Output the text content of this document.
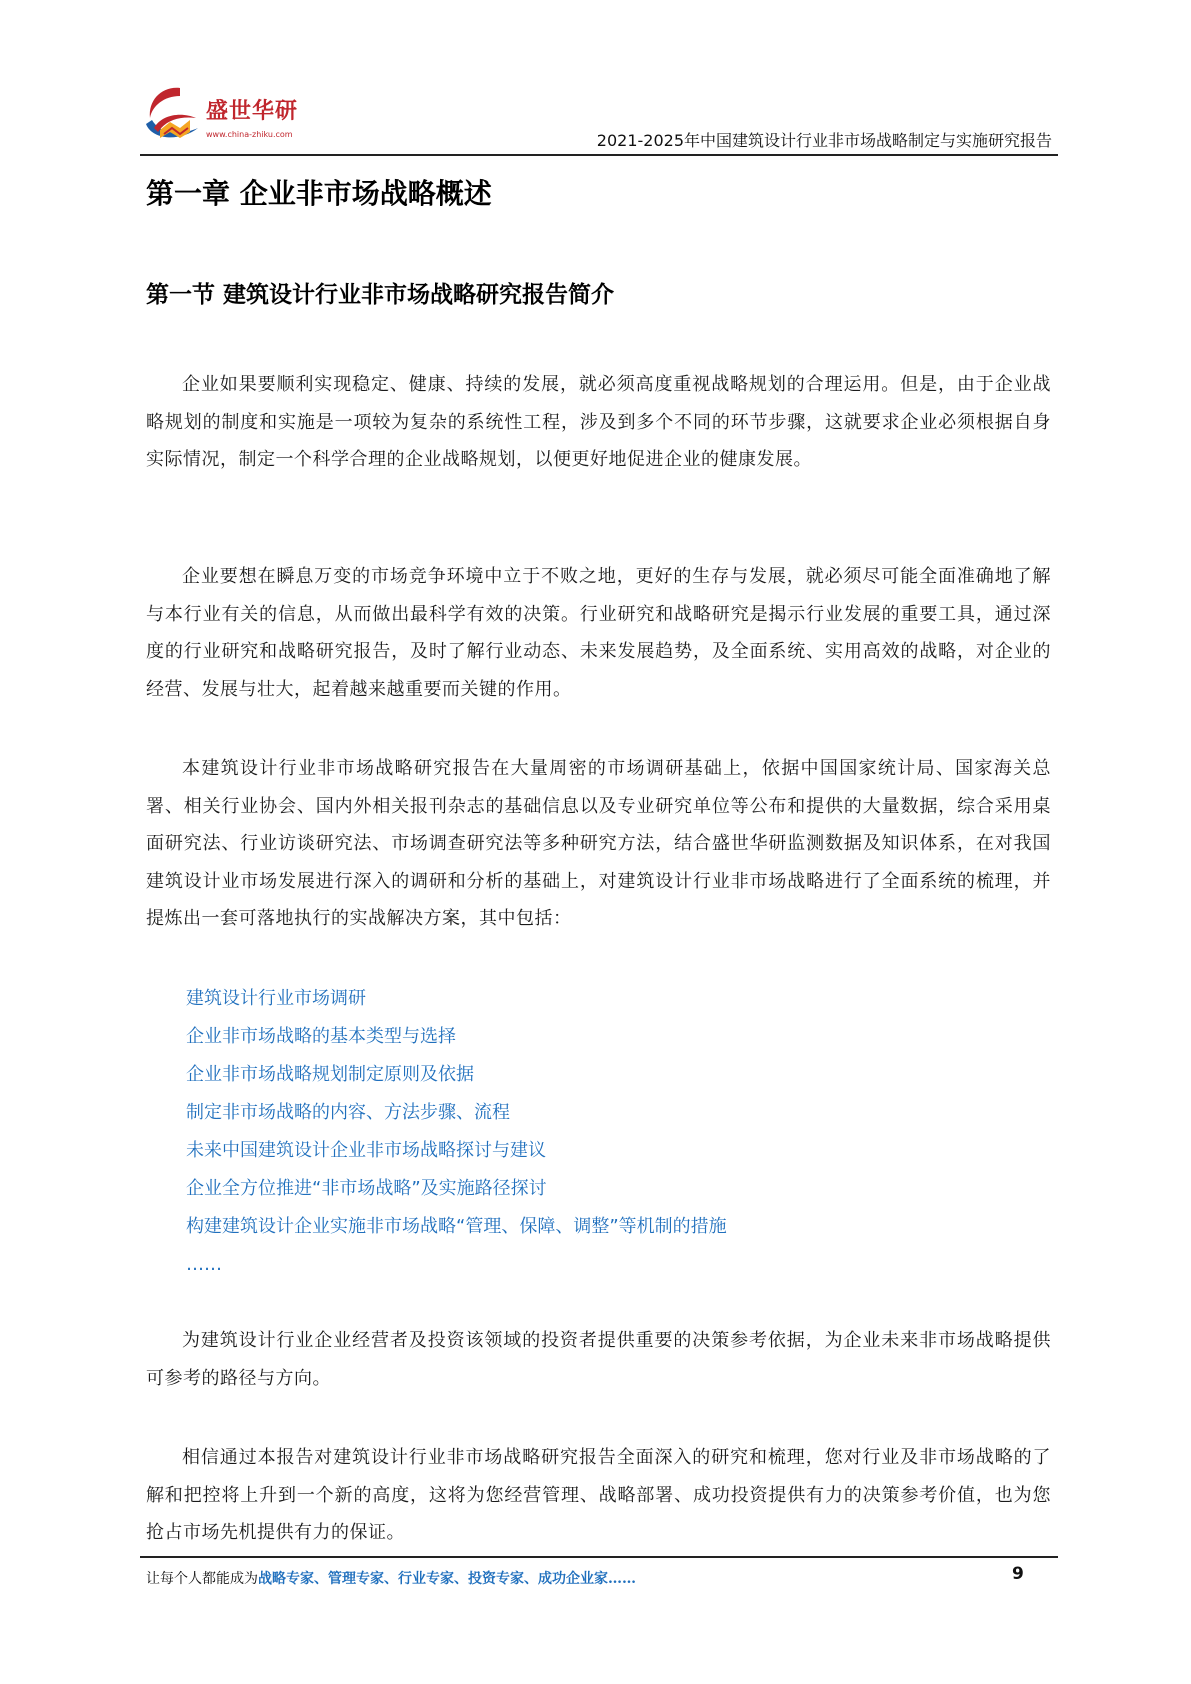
盛世华研
www.china-zhiku.com	2021-2025年中国建筑设计行业非市场战略制定与实施研究报告
第一章 企业非市场战略概述
第一节 建筑设计行业非市场战略研究报告简介

企业如果要顺利实现稳定、健康、持续的发展，就必须高度重视战略规划的合理运用。但是，由于企业战略规划的制度和实施是一项较为复杂的系统性工程，涉及到多个不同的环节步骤，这就要求企业必须根据自身实际情况，制定一个科学合理的企业战略规划，以便更好地促进企业的健康发展。

企业要想在瞬息万变的市场竞争环境中立于不败之地，更好的生存与发展，就必须尽可能全面准确地了解与本行业有关的信息，从而做出最科学有效的决策。行业研究和战略研究是揭示行业发展的重要工具，通过深度的行业研究和战略研究报告，及时了解行业动态、未来发展趋势，及全面系统、实用高效的战略，对企业的经营、发展与壮大，起着越来越重要而关键的作用。

本建筑设计行业非市场战略研究报告在大量周密的市场调研基础上，依据中国国家统计局、国家海关总署、相关行业协会、国内外相关报刊杂志的基础信息以及专业研究单位等公布和提供的大量数据，综合采用桌面研究法、行业访谈研究法、市场调查研究法等多种研究方法，结合盛世华研监测数据及知识体系，在对我国建筑设计业市场发展进行深入的调研和分析的基础上，对建筑设计行业非市场战略进行了全面系统的梳理，并提炼出一套可落地执行的实战解决方案，其中包括：

建筑设计行业市场调研
企业非市场战略的基本类型与选择
企业非市场战略规划制定原则及依据
制定非市场战略的内容、方法步骤、流程
未来中国建筑设计企业非市场战略探讨与建议
企业全方位推进“非市场战略”及实施路径探讨
构建建筑设计企业实施非市场战略“管理、保障、调整”等机制的措施
……

为建筑设计行业企业经营者及投资该领域的投资者提供重要的决策参考依据，为企业未来非市场战略提供可参考的路径与方向。

相信通过本报告对建筑设计行业非市场战略研究报告全面深入的研究和梳理，您对行业及非市场战略的了解和把控将上升到一个新的高度，这将为您经营管理、战略部署、成功投资提供有力的决策参考价值，也为您抢占市场先机提供有力的保证。

让每个人都能成为战略专家、管理专家、行业专家、投资专家、成功企业家……	9
